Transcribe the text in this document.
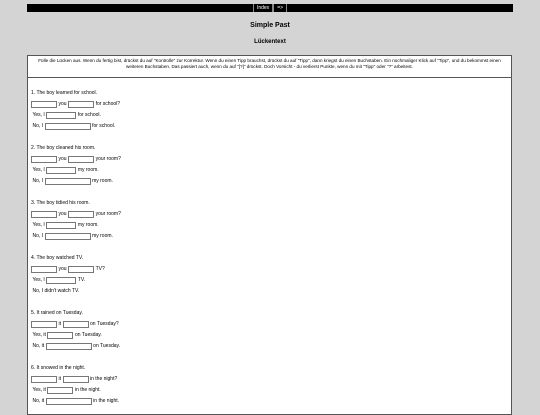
Index	=>
Simple Past
Lückentext
Fülle die Lücken aus. Wenn du fertig bist, drückst du auf "Kontrolle" zur Korrektur. Wenn du einen Tipp brauchst, drückst du auf "Tipp", dann kriegst du einen Buchstaben. Ein nochmaliger Klick auf "Tipp", und du bekommst einen weiteren Buchstaben. Das passiert auch, wenn du auf "[?]" drückst. Doch Vorsicht - du verlierst Punkte, wenn du mit "Tipp" oder "?" arbeitest.
1. The boy learned for school.
you	for school?
Yes, I	for school.
No, I	for school.
2. The boy cleaned his room.
you	your room?
Yes, I	my room.
No, I	my room.
3. The boy tidied his room.
you	your room?
Yes, I	my room.
No, I	my room.
4. The boy watched TV.
you	TV?
Yes, I	TV.
No, I didn't watch TV.
5. It rained on Tuesday.
it	on Tuesday?
Yes, it	on Tuesday.
No, it	on Tuesday.
6. It snowed in the night.
it	in the night?
Yes, it	in the night.
No, it	in the night.
